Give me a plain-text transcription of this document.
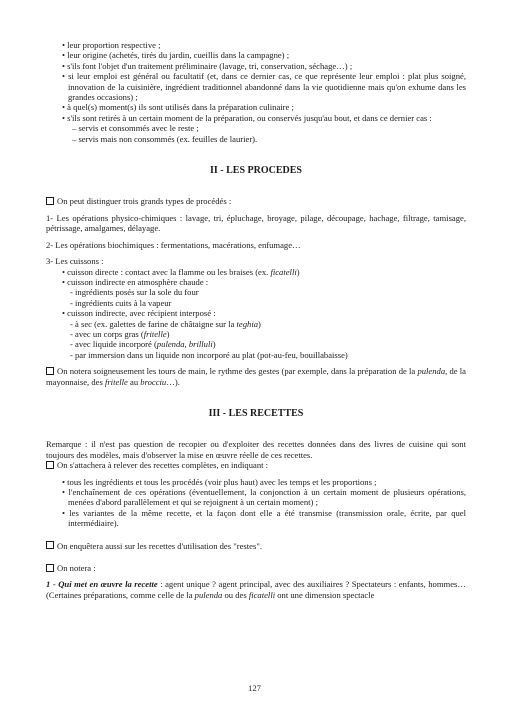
• leur proportion respective ;
• leur origine (achetés, tirés du jardin, cueillis dans la campagne) ;
• s'ils font l'objet d'un traitement préliminaire (lavage, tri, conservation, séchage…) ;
• si leur emploi est général ou facultatif (et, dans ce dernier cas, ce que représente leur emploi : plat plus soigné, innovation de la cuisinière, ingrédient traditionnel abandonné dans la vie quotidienne mais qu'on exhume dans les grandes occasions) ;
• à quel(s) moment(s) ils sont utilisés dans la préparation culinaire ;
• s'ils sont retirés à un certain moment de la préparation, ou conservés jusqu'au bout, et dans ce dernier cas :
– servis et consommés avec le reste ;
– servis mais non consommés (ex. feuilles de laurier).
II - LES PROCEDES
On peut distinguer trois grands types de procédés :
1- Les opérations physico-chimiques : lavage, tri, épluchage, broyage, pilage, découpage, hachage, filtrage, tamisage, pétrissage, amalgames, délayage.
2- Les opérations biochimiques : fermentations, macérations, enfumage…
3- Les cuissons :
• cuisson directe : contact avec la flamme ou les braises (ex. ficatelli)
• cuisson indirecte en atmosphère chaude :
- ingrédients posés sur la sole du four
- ingrédients cuits à la vapeur
• cuisson indirecte, avec récipient interposé :
- à sec (ex. galettes de farine de châtaigne sur la teghia)
- avec un corps gras (fritelle)
- avec liquide incorporé (pulenda, brilluli)
- par immersion dans un liquide non incorporé au plat (pot-au-feu, bouillabaisse)
On notera soigneusement les tours de main, le rythme des gestes (par exemple, dans la préparation de la pulenda, de la mayonnaise, des fritelle au brocciu…).
III - LES RECETTES
Remarque : il n'est pas question de recopier ou d'exploiter des recettes données dans des livres de cuisine qui sont toujours des modèles, mais d'observer la mise en œuvre réelle de ces recettes.
On s'attachera à relever des recettes complètes, en indiquant :
• tous les ingrédients et tous les procédés (voir plus haut) avec les temps et les proportions ;
• l'enchaînement de ces opérations (éventuellement, la conjonction à un certain moment de plusieurs opérations, menées d'abord parallèlement et qui se rejoignent à un certain moment) ;
• les variantes de la même recette, et la façon dont elle a été transmise (transmission orale, écrite, par quel intermédiaire).
On enquêtera aussi sur les recettes d'utilisation des "restes".
On notera :
1 - Qui met en œuvre la recette : agent unique ? agent principal, avec des auxiliaires ? Spectateurs : enfants, hommes… (Certaines préparations, comme celle de la pulenda ou des ficatelli ont une dimension spectacle
127
